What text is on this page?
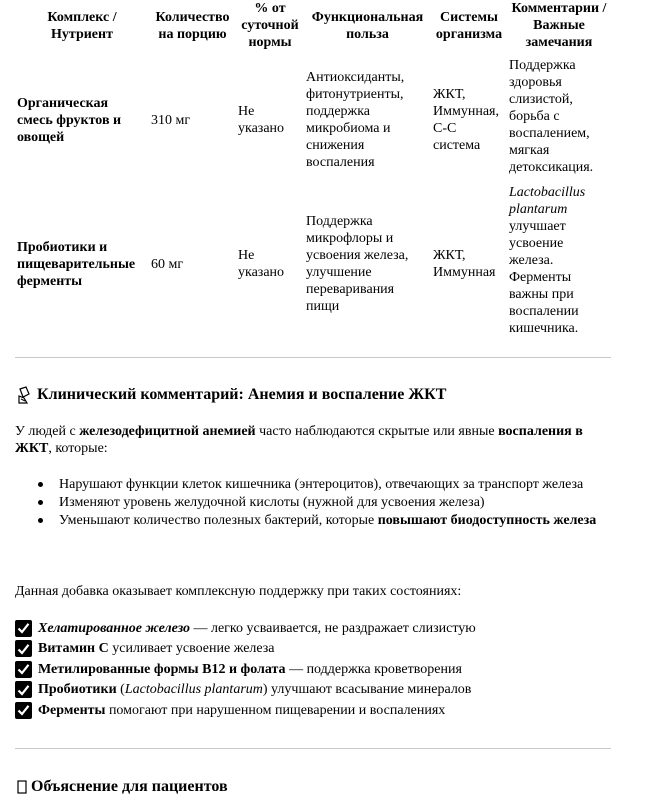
Комплекс / Нутриент	Количество на порцию	% от суточной нормы	Функциональная польза	Системы организма	Комментарии / Важные замечания
Органическая смесь фруктов и овощей	310 мг	Не указано	Антиоксиданты, фитонутриенты, поддержка микробиома и снижения воспаления	ЖКТ, Иммунная, С-С система	Поддержка здоровья слизистой, борьба с воспалением, мягкая детоксикация.
Пробиотики и пищеварительные ферменты	60 мг	Не указано	Поддержка микрофлоры и усвоения железа, улучшение переваривания пищи	ЖКТ, Иммунная	Lactobacillus plantarum улучшает усвоение железа. Ферменты важны при воспалении кишечника.
Клинический комментарий: Анемия и воспаление ЖКТ

У людей с железодефицитной анемией часто наблюдаются скрытые или явные воспаления в ЖКТ, которые:

Нарушают функции клеток кишечника (энтероцитов), отвечающих за транспорт железа
Изменяют уровень желудочной кислоты (нужной для усвоения железа)
Уменьшают количество полезных бактерий, которые повышают биодоступность железа

Данная добавка оказывает комплексную поддержку при таких состояниях:

Хелатированное железо — легко усваивается, не раздражает слизистую
Витамин С усиливает усвоение железа
Метилированные формы B12 и фолата — поддержка кроветворения
Пробиотики (Lactobacillus plantarum) улучшают всасывание минералов
Ферменты помогают при нарушенном пищеварении и воспалениях
Объяснение для пациентов
